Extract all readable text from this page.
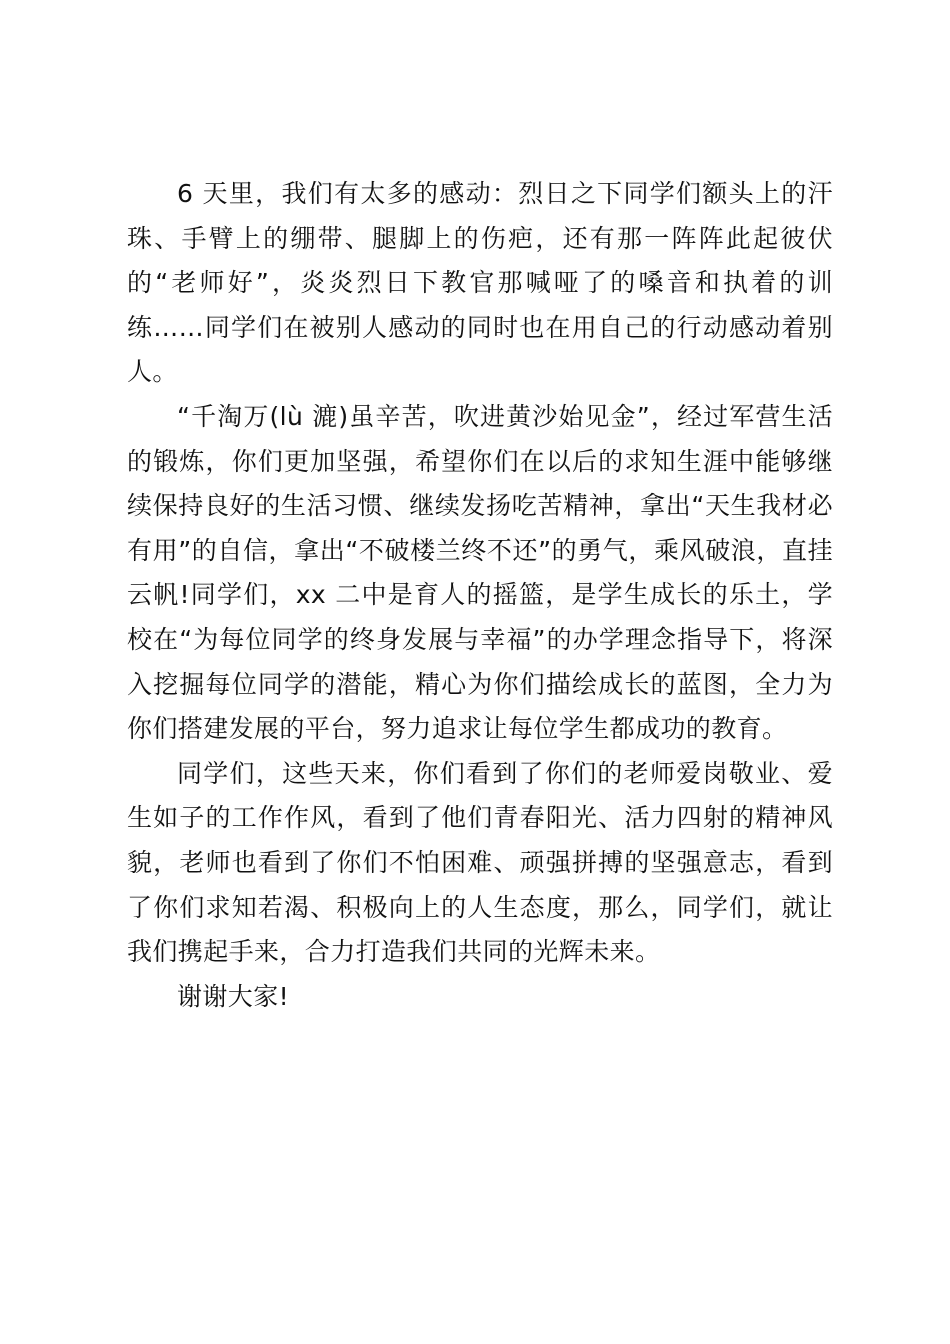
6 天里，我们有太多的感动：烈日之下同学们额头上的汗珠、手臂上的绷带、腿脚上的伤疤，还有那一阵阵此起彼伏的“老师好”，炎炎烈日下教官那喊哑了的嗓音和执着的训练……同学们在被别人感动的同时也在用自己的行动感动着别人。

“千淘万(lù 漉)虽辛苦，吹进黄沙始见金”，经过军营生活的锻炼，你们更加坚强，希望你们在以后的求知生涯中能够继续保持良好的生活习惯、继续发扬吃苦精神，拿出“天生我材必有用”的自信，拿出“不破楼兰终不还”的勇气，乘风破浪，直挂云帆!同学们，xx 二中是育人的摇篮，是学生成长的乐土，学校在“为每位同学的终身发展与幸福”的办学理念指导下，将深入挖掘每位同学的潜能，精心为你们描绘成长的蓝图，全力为你们搭建发展的平台，努力追求让每位学生都成功的教育。

同学们，这些天来，你们看到了你们的老师爱岗敬业、爱生如子的工作作风，看到了他们青春阳光、活力四射的精神风貌，老师也看到了你们不怕困难、顽强拼搏的坚强意志，看到了你们求知若渴、积极向上的人生态度，那么，同学们，就让我们携起手来，合力打造我们共同的光辉未来。

谢谢大家!
